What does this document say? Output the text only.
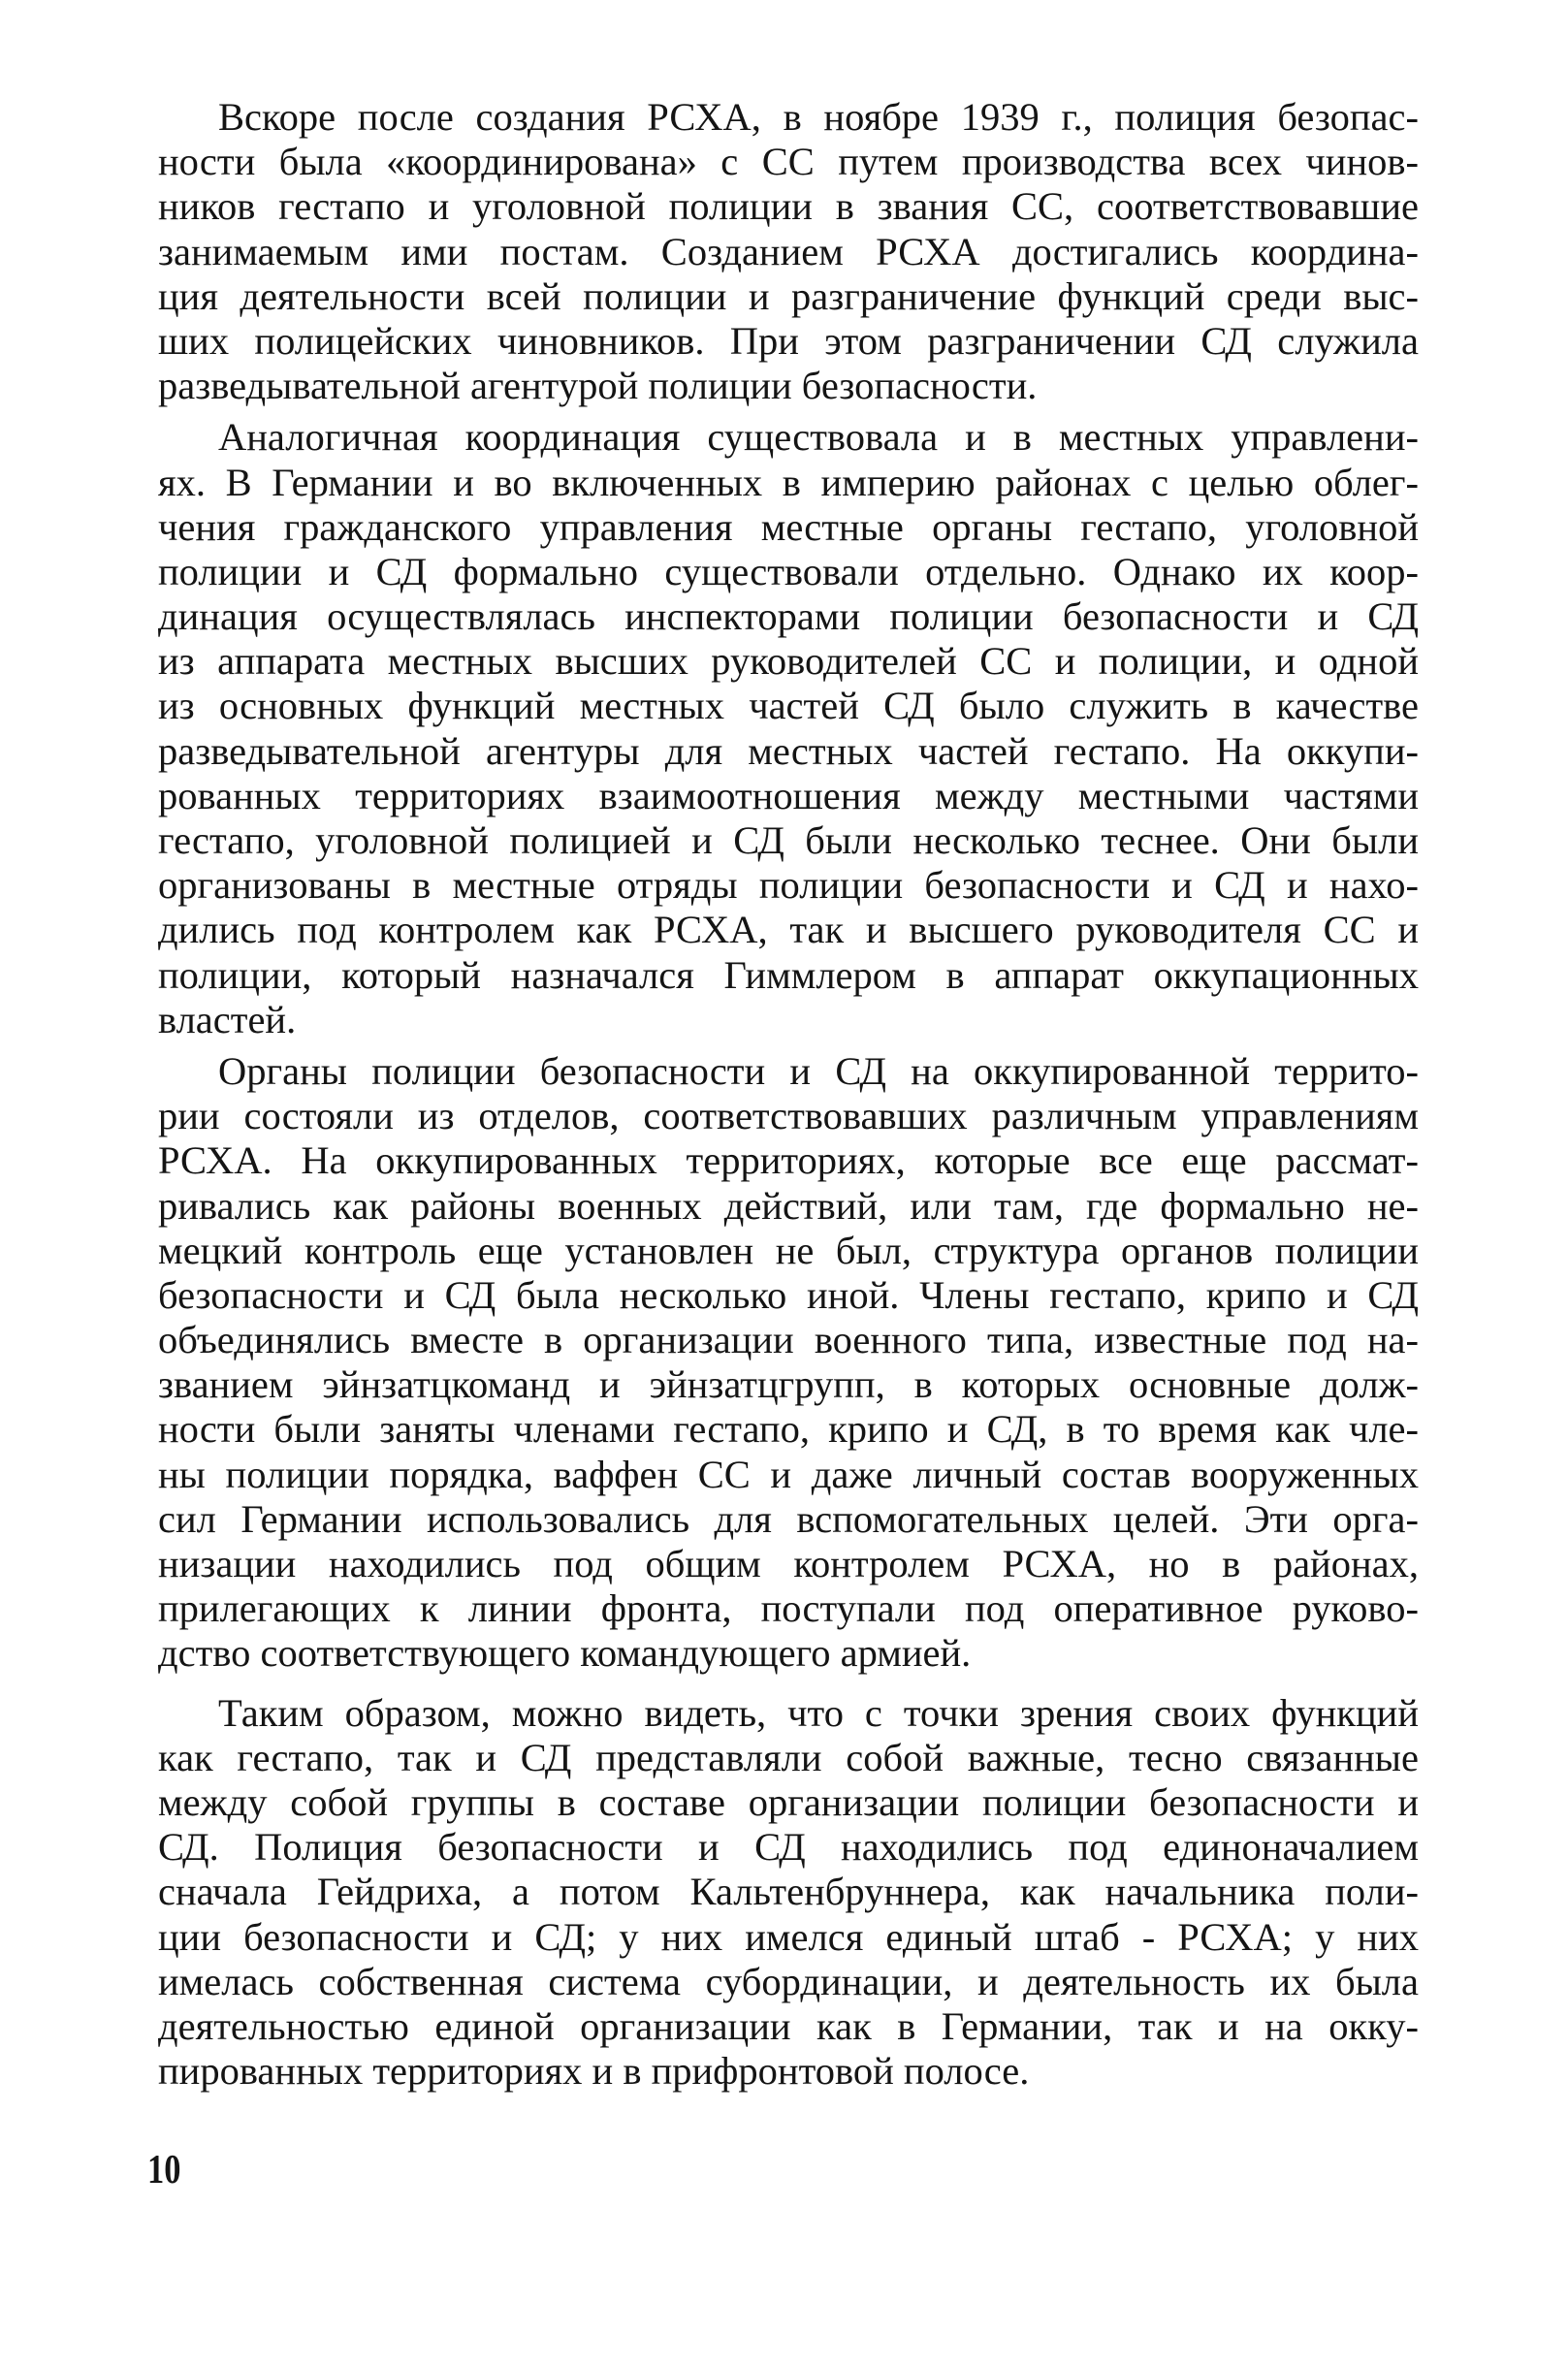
Вскоре после создания РСХА, в ноябре 1939 г., полиция безопас-
ности была «координирована» с СС путем производства всех чинов-
ников гестапо и уголовной полиции в звания СС, соответствовавшие
занимаемым ими постам. Созданием РСХА достигались координа-
ция деятельности всей полиции и разграничение функций среди выс-
ших полицейских чиновников. При этом разграничении СД служила
разведывательной агентурой полиции безопасности.
Аналогичная координация существовала и в местных управлени-
ях. В Германии и во включенных в империю районах с целью облег-
чения гражданского управления местные органы гестапо, уголовной
полиции и СД формально существовали отдельно. Однако их коор-
динация осуществлялась инспекторами полиции безопасности и СД
из аппарата местных высших руководителей СС и полиции, и одной
из основных функций местных частей СД было служить в качестве
разведывательной агентуры для местных частей гестапо. На оккупи-
рованных территориях взаимоотношения между местными частями
гестапо, уголовной полицией и СД были несколько теснее. Они были
организованы в местные отряды полиции безопасности и СД и нахо-
дились под контролем как РСХА, так и высшего руководителя СС и
полиции, который назначался Гиммлером в аппарат оккупационных
властей.
Органы полиции безопасности и СД на оккупированной террито-
рии состояли из отделов, соответствовавших различным управлениям
РСХА. На оккупированных территориях, которые все еще рассмат-
ривались как районы военных действий, или там, где формально не-
мецкий контроль еще установлен не был, структура органов полиции
безопасности и СД была несколько иной. Члены гестапо, крипо и СД
объединялись вместе в организации военного типа, известные под на-
званием эйнзатцкоманд и эйнзатцгрупп, в которых основные долж-
ности были заняты членами гестапо, крипо и СД, в то время как чле-
ны полиции порядка, ваффен СС и даже личный состав вооруженных
сил Германии использовались для вспомогательных целей. Эти орга-
низации находились под общим контролем РСХА, но в районах,
прилегающих к линии фронта, поступали под оперативное руково-
дство соответствующего командующего армией.
Таким образом, можно видеть, что с точки зрения своих функций
как гестапо, так и СД представляли собой важные, тесно связанные
между собой группы в составе организации полиции безопасности и
СД. Полиция безопасности и СД находились под единоначалием
сначала Гейдриха, а потом Кальтенбруннера, как начальника поли-
ции безопасности и СД; у них имелся единый штаб - РСХА; у них
имелась собственная система субординации, и деятельность их была
деятельностью единой организации как в Германии, так и на окку-
пированных территориях и в прифронтовой полосе.
10
